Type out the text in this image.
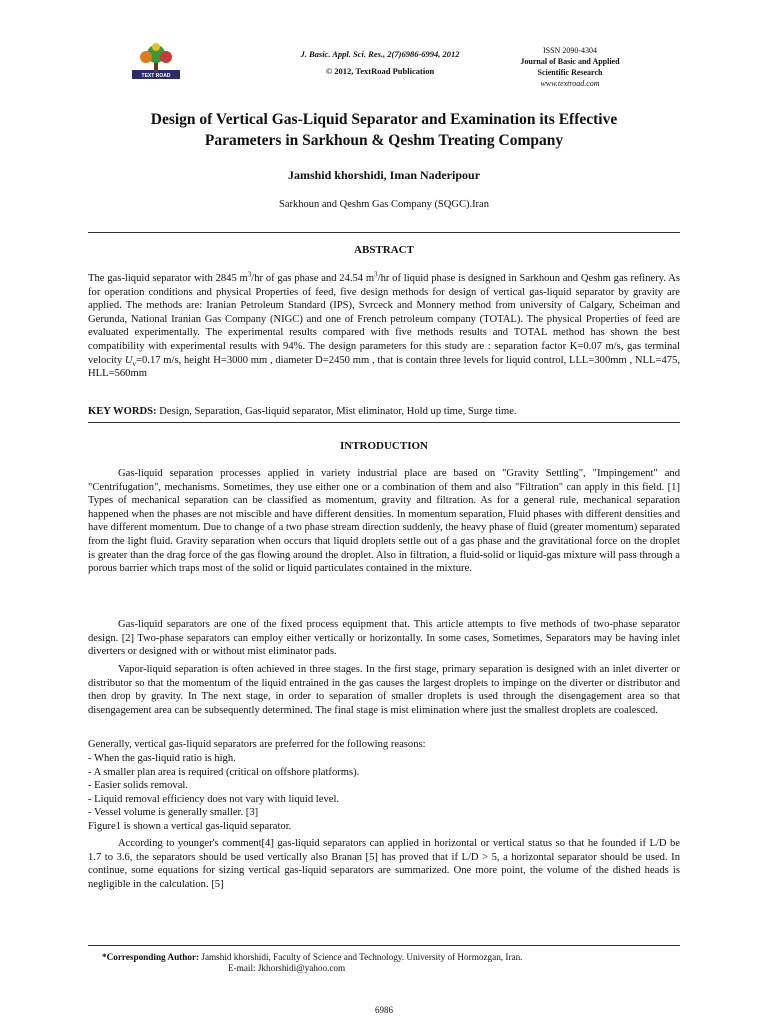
TEXT ROAD
J. Basic. Appl. Sci. Res., 2(7)6986-6994, 2012
© 2012, TextRoad Publication
ISSN 2090-4304
Journal of Basic and Applied
Scientific Research
www.textroad.com
Design of Vertical Gas-Liquid Separator and Examination its Effective
Parameters in Sarkhoun & Qeshm Treating Company
Jamshid khorshidi, Iman Naderipour
Sarkhoun and Qeshm Gas Company (SQGC).Iran
ABSTRACT
The gas-liquid separator with 2845 $m^3/hr$ of gas phase and 24.54 $m^3/hr$ of liquid phase is designed in Sarkhoun and Qeshm gas refinery. As for operation conditions and physical Properties of feed, five design methods for design of vertical gas-liquid separator by gravity are applied. The methods are: Iranian Petroleum Standard (IPS), Svrceck and Monnery method from university of Calgary, Scheiman and Gerunda, National Iranian Gas Company (NIGC) and one of French petroleum company (TOTAL). The physical Properties of feed are evaluated experimentally. The experimental results compared with five methods results and TOTAL method has shown the best compatibility with experimental results with 94%. The design parameters for this study are : separation factor K=0.07 m/s, gas terminal velocity $U_v=0.17$ m/s, height H=3000 mm , diameter D=2450 mm , that is contain three levels for liquid control, LLL=300mm , NLL=475, HLL=560mm
KEY WORDS: Design, Separation, Gas-liquid separator, Mist eliminator, Hold up time, Surge time.
INTRODUCTION
Gas-liquid separation processes applied in variety industrial place are based on "Gravity Settling", "Impingement" and "Centrifugation", mechanisms. Sometimes, they use either one or a combination of them and also "Filtration" can apply in this field. [1] Types of mechanical separation can be classified as momentum, gravity and filtration. As for a general rule, mechanical separation happened when the phases are not miscible and have different densities. In momentum separation, Fluid phases with different densities and have different momentum. Due to change of a two phase stream direction suddenly, the heavy phase of fluid (greater momentum) separated from the light fluid. Gravity separation when occurs that liquid droplets settle out of a gas phase and the gravitational force on the droplet is greater than the drag force of the gas flowing around the droplet. Also in filtration, a fluid-solid or liquid-gas mixture will pass through a porous barrier which traps most of the solid or liquid particulates contained in the mixture.
Gas-liquid separators are one of the fixed process equipment that. This article attempts to five methods of two-phase separator design. [2] Two-phase separators can employ either vertically or horizontally. In some cases, Sometimes, Separators may be having inlet diverters or designed with or without mist eliminator pads.
Vapor-liquid separation is often achieved in three stages. In the first stage, primary separation is designed with an inlet diverter or distributor so that the momentum of the liquid entrained in the gas causes the largest droplets to impinge on the diverter or distributor and then drop by gravity. In The next stage, in order to separation of smaller droplets is used through the disengagement area so that disengagement area can be subsequently determined. The final stage is mist elimination where just the smallest droplets are coalesced.
Generally, vertical gas-liquid separators are preferred for the following reasons:
- When the gas-liquid ratio is high.
- A smaller plan area is required (critical on offshore platforms).
- Easier solids removal.
- Liquid removal efficiency does not vary with liquid level.
- Vessel volume is generally smaller. [3]
Figure1 is shown a vertical gas-liquid separator.
According to younger's comment[4] gas-liquid separators can applied in horizontal or vertical status so that he founded if L/D be 1.7 to 3.6, the separators should be used vertically also Branan [5] has proved that if L/D > 5, a horizontal separator should be used. In continue, some equations for sizing vertical gas-liquid separators are summarized. One more point, the volume of the dished heads is negligible in the calculation. [5]
*Corresponding Author: Jamshid khorshidi, Faculty of Science and Technology. University of Hormozgan, Iran.
E-mail: Jkhorshidi@yahoo.com
6986
